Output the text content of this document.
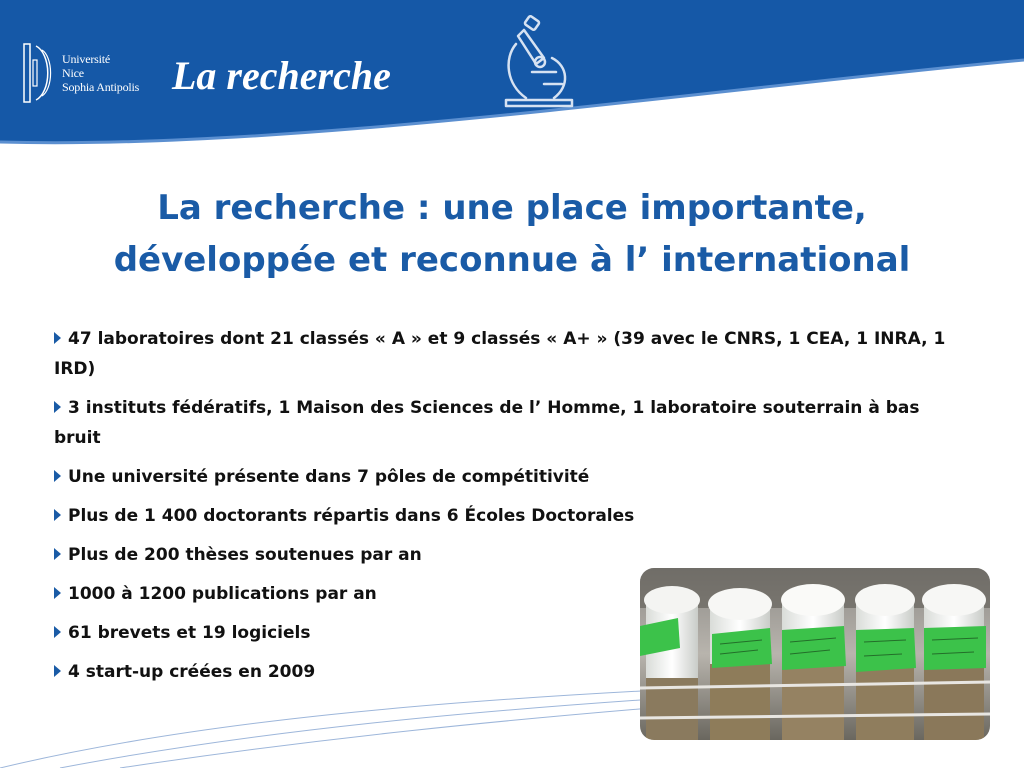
Université
Nice
Sophia Antipolis La recherche
La recherche : une place importante,
développée et reconnue à l’ international
47 laboratoires dont 21 classés « A » et 9 classés « A+ » (39 avec le CNRS, 1 CEA, 1 INRA, 1 IRD)
3 instituts fédératifs, 1 Maison des Sciences de l’ Homme, 1 laboratoire souterrain à bas bruit
Une université présente dans 7 pôles de compétitivité
Plus de 1 400 doctorants répartis dans 6 Écoles Doctorales
Plus de 200 thèses soutenues par an
1000 à 1200 publications par an
61 brevets et 19 logiciels
4 start-up créées en 2009
